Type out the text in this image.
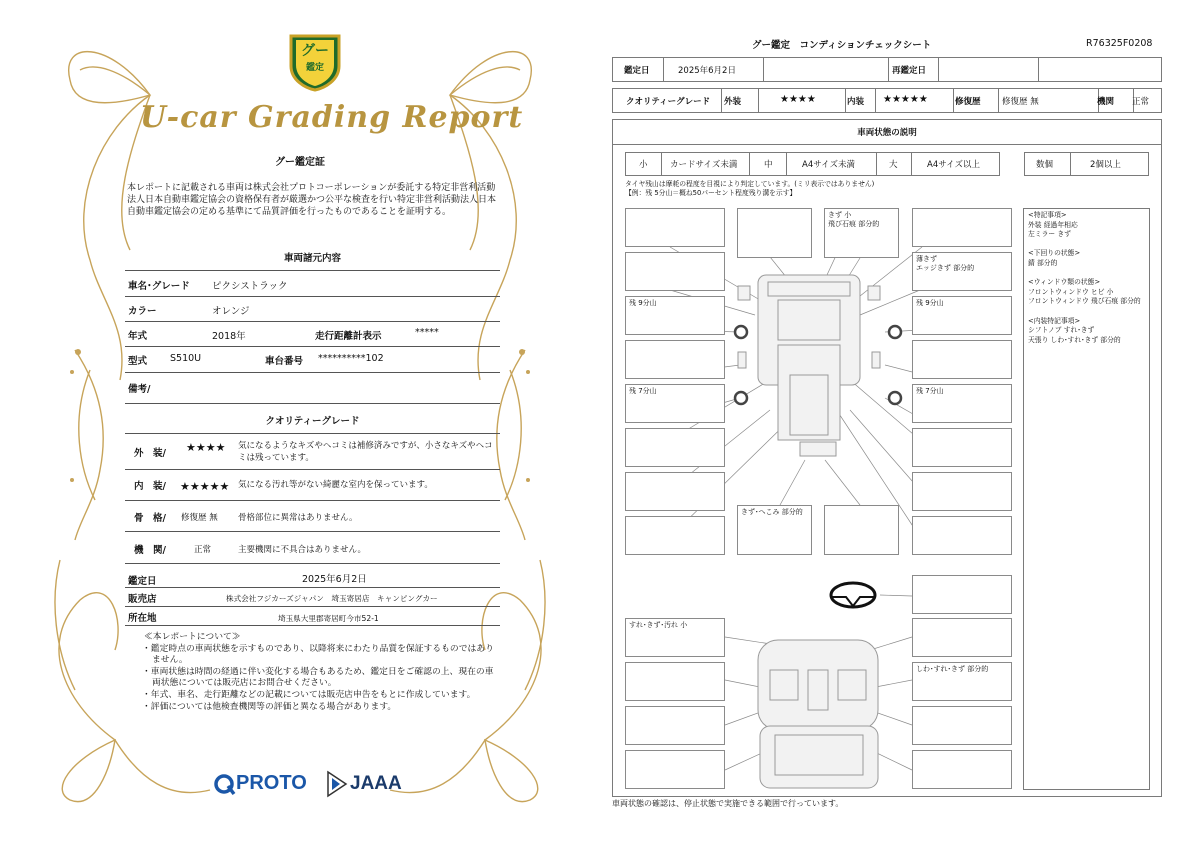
グー
鑑定
U-car Grading Report
グー鑑定証
本レポートに記載される車両は株式会社プロトコーポレーションが委託する特定非営利活動法人日本自動車鑑定協会の資格保有者が厳選かつ公平な検査を行い特定非営利活動法人日本自動車鑑定協会の定める基準にて品質評価を行ったものであることを証明する。
車両諸元内容
車名･グレード ピクシストラック
カラー	オレンジ
年式	2018年	走行距離計表示	*****
型式 S510U	車台番号 **********102
備考/
クオリティーグレード
外　装/ ★★★★ 気になるようなキズやヘコミは補修済みですが、小さなキズやヘコミは残っています。
内　装/ ★★★★★ 気になる汚れ等がない綺麗な室内を保っています。
骨　格/ 修復歴 無 骨格部位に異常はありません。
機　関/	正常	主要機関に不具合はありません。
鑑定日	2025年6月2日
販売店	株式会社フジカーズジャパン　埼玉寄居店　キャンピングカー
所在地	埼玉県大里郡寄居町今市52-1
≪本レポートについて≫
・鑑定時点の車両状態を示すものであり、以降将来にわたり品質を保証するものではありません。
・車両状態は時間の経過に伴い変化する場合もあるため、鑑定日をご確認の上、現在の車両状態については販売店にお問合せください。
・年式、車名、走行距離などの記載については販売店申告をもとに作成しています。
・評価については他検査機関等の評価と異なる場合があります。
PROTO JAAA
グー鑑定　コンディションチェックシート	R76325F0208
鑑定日	2025年6月2日	再鑑定日
クオリティーグレード 外装	★★★★	内装 ★★★★★	修復歴	修復歴 無	機関 正常
車両状態の説明
小	カードサイズ未満	中	A4サイズ未満	大	A4サイズ以上	数個	2個以上
タイヤ残山は摩耗の程度を目視により判定しています。(ミリ表示ではありません)
【例：残 5分山＝概ね50パーセント程度残り溝を示す】
<特記事項>
外装 経過年相応
左ミラー きず
<下回りの状態>
錆 部分的
<ウィンドウ類の状態>
フロントウィンドウ ヒビ 小
フロントウィンドウ 飛び石痕 部分的
<内装特記事項>
シフトノブ すれ･きず
天張り しわ･すれ･きず 部分的
残 9分山
残 7分山
きず 小
飛び石痕 部分的
薄きず
エッジきず 部分的
残 9分山
残 7分山
きず･へこみ 部分的
すれ･きず･汚れ 小
しわ･すれ･きず 部分的
車両状態の確認は、停止状態で実施できる範囲で行っています。
